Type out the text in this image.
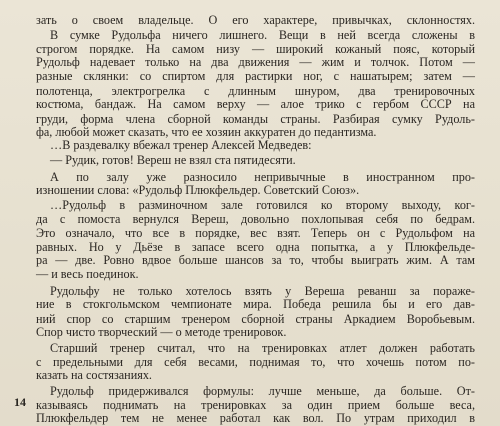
зать о своем владельце. О его характере, привычках, склонностях.
В сумке Рудольфа ничего лишнего. Вещи в ней всегда сложены в
строгом порядке. На самом низу — широкий кожаный пояс, который
Рудольф надевает только на два движения — жим и толчок. Потом —
разные склянки: со спиртом для растирки ног, с нашатырем; затем —
полотенца, электрогрелка с длинным шнуром, два тренировочных
костюма, бандаж. На самом верху — алое трико с гербом СССР на
груди, форма члена сборной команды страны. Разбирая сумку Рудоль-
фа, любой может сказать, что ее хозяин аккуратен до педантизма.
…В раздевалку вбежал тренер Алексей Медведев:
— Рудик, готов! Вереш не взял ста пятидесяти.
А по залу уже разносило непривычные в иностранном про-
изношении слова: «Рудольф Плюкфельдер. Советский Союз».
…Рудольф в разминочном зале готовился ко второму выходу, ког-
да с помоста вернулся Вереш, довольно похлопывая себя по бедрам.
Это означало, что все в порядке, вес взят. Теперь он с Рудольфом на
равных. Но у Дьёзе в запасе всего одна попытка, а у Плюкфельде-
ра — две. Ровно вдвое больше шансов за то, чтобы выиграть жим. А там
— и весь поединок.
Рудольфу не только хотелось взять у Вереша реванш за пораже-
ние в стокгольмском чемпионате мира. Победа решила бы и его дав-
ний спор со старшим тренером сборной страны Аркадием Воробьевым.
Спор чисто творческий — о методе тренировок.
Старший тренер считал, что на тренировках атлет должен работать
с предельными для себя весами, поднимая то, что хочешь потом по-
казать на состязаниях.
Рудольф придерживался формулы: лучше меньше, да больше. От-
казываясь поднимать на тренировках за один прием больше веса,
Плюкфельдер тем не менее работал как вол. По утрам приходил в
14
